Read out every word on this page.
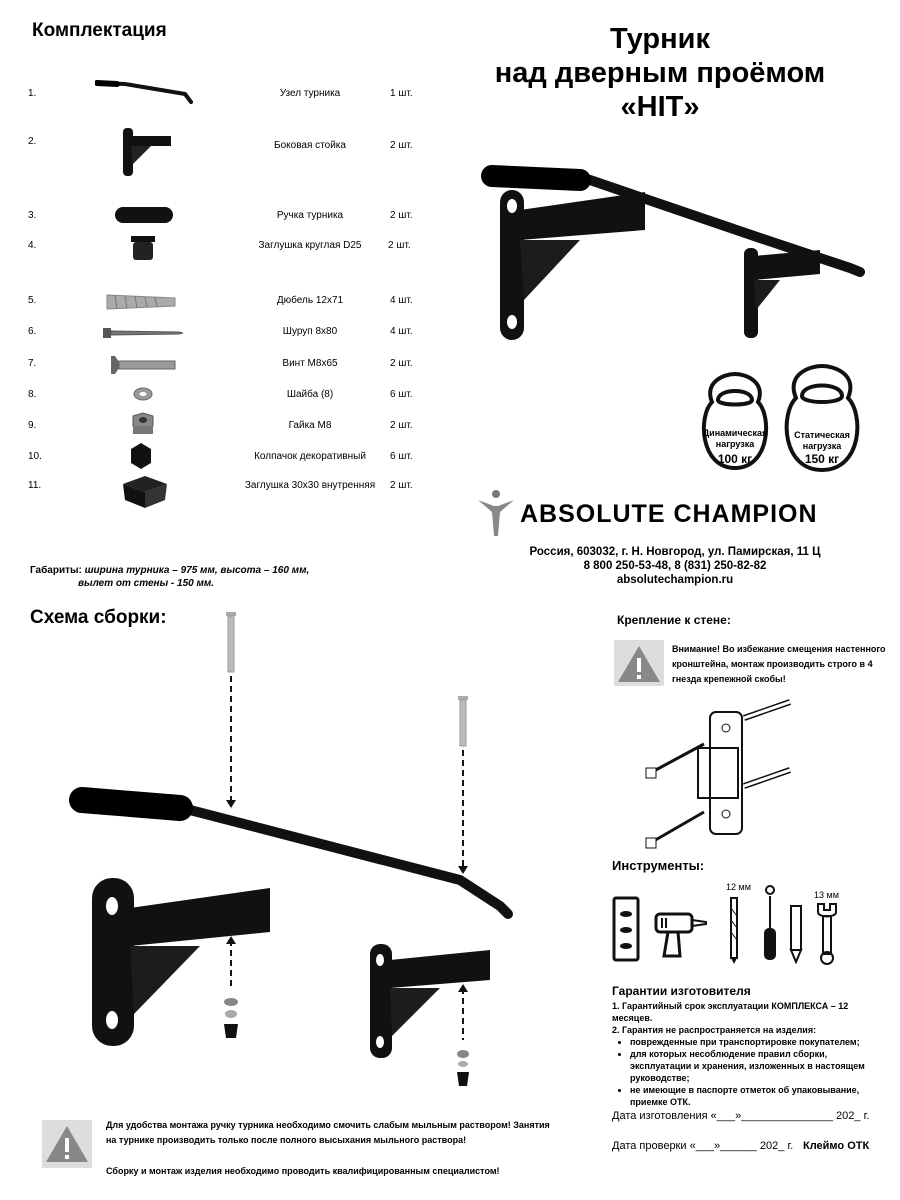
Комплектация	Турник
над дверным проёмом
«HIT»
1.	Узел турника	1 шт.
2.	Боковая стойка	2 шт.
3.	Ручка турника	2 шт.
4.	Заглушка круглая D25	2 шт.
5.	Дюбель 12х71	4 шт.
6.	Шуруп 8х80	4 шт.
7.	Винт М8х65	2 шт.
8.	Шайба (8)	6 шт.
9.	Гайка М8	2 шт.
10.	Колпачок декоративный	6 шт.
11.	Заглушка 30х30 внутренняя	2 шт.
Габариты: ширина турника – 975 мм, высота – 160 мм,
вылет от стены - 150 мм.
Динамическая нагрузка
100 кг
Статическая нагрузка
150 кг
ABSOLUTE CHAMPION
Россия, 603032, г. Н. Новгород, ул. Памирская, 11 Ц
8 800 250-53-48, 8 (831) 250-82-82
absolutechampion.ru
Схема сборки:	Крепление к стене:
Внимание! Во избежание смещения настенного кронштейна, монтаж производить строго в 4 гнезда крепежной скобы!
Инструменты:
12 мм
13 мм
Гарантии изготовителя

1. Гарантийный срок эксплуатации КОМПЛЕКСА – 12 месяцев.

2. Гарантия не распространяется на изделия:

• поврежденные при транспортировке покупателем;
• для которых несоблюдение правил сборки, эксплуатации и хранения, изложенных в настоящем руководстве;
• не имеющие в паспорте отметок об упаковывание, приемке ОТК.
Дата изготовления «___»_______________ 202_ г.
Дата проверки «___»______ 202_ г. Клеймо ОТК
Для удобства монтажа ручку турника необходимо смочить слабым мыльным раствором! Занятия на турнике производить только после полного высыхания мыльного раствора!
Сборку и монтаж изделия необходимо проводить квалифицированным специалистом!
